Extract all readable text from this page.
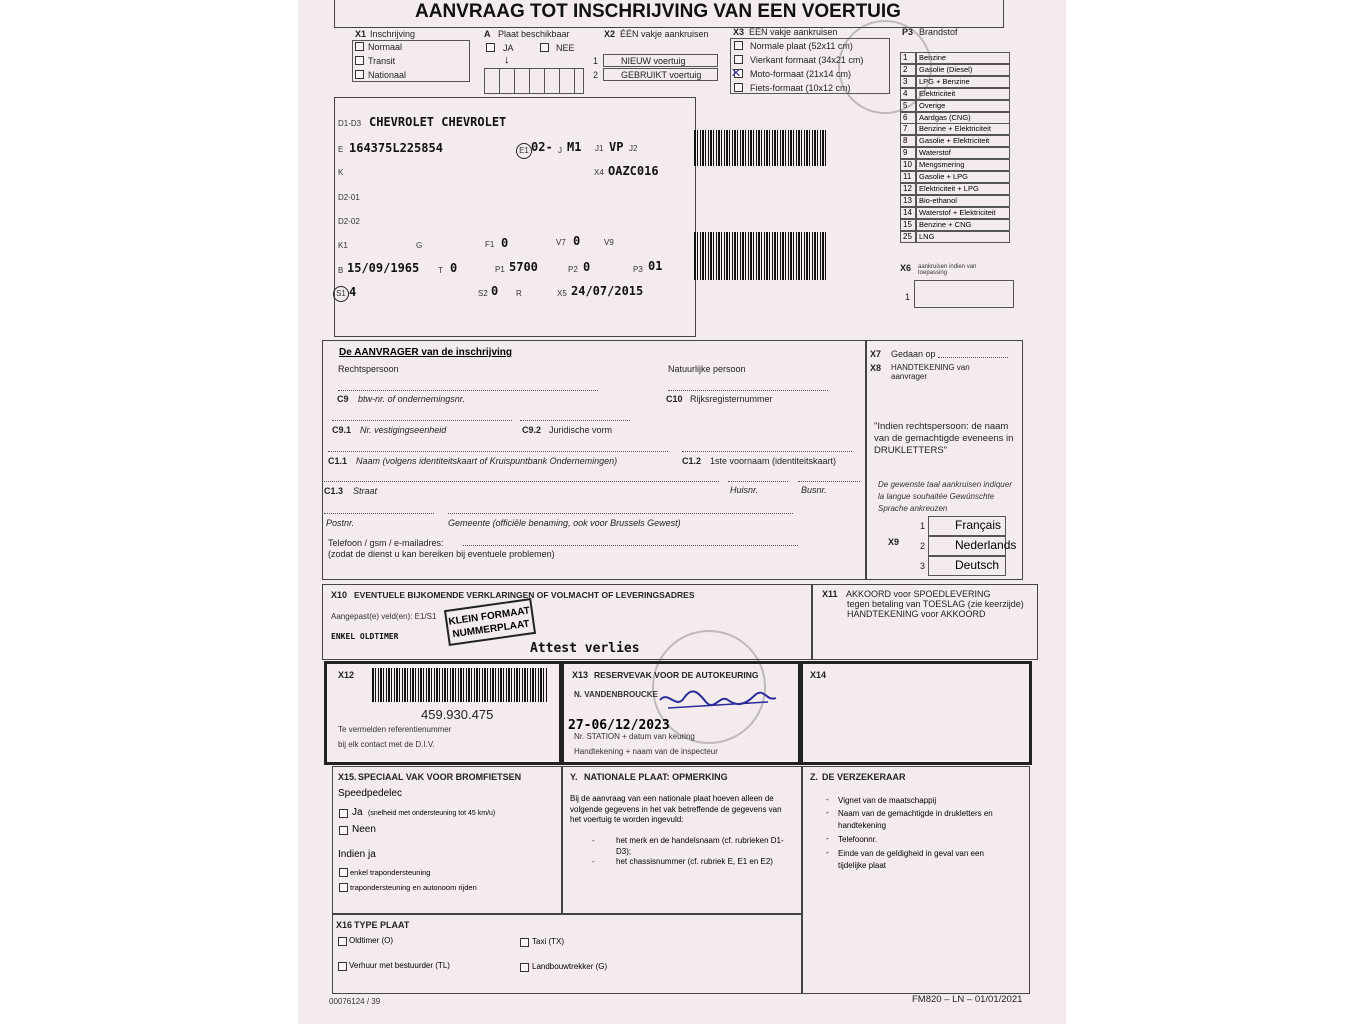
AANVRAAG TOT INSCHRIJVING VAN EEN VOERTUIG
X1 Inschrijving
Normaal
Transit
Nationaal
A Plaat beschikbaar
JA	NEE
↓
X2 ÉÉN vakje aankruisen
1	NIEUW voertuig
2	GEBRUIKT voertuig
X3 ÉÉN vakje aankruisen
Normale plaat (52x11 cm)
Vierkant formaat (34x21 cm)
× Moto-formaat (21x14 cm)
Fiets-formaat (10x12 cm)
P3 Brandstof
1 Benzine
2 Gasolie (Diesel)
3 LPG + Benzine
4 Elektriciteit
5 Overige
6 Aardgas (CNG)
7 Benzine + Elektriciteit
8 Gasolie + Elektriciteit
9 Waterstof
10 Mengsmering
11 Gasolie + LPG
12 Elektriciteit + LPG
13 Bio-ethanol
14 Waterstof + Elektriciteit
15 Benzine + CNG
25 LNG
X6 aankruisen indien van toepassing
1
D1-D3 CHEVROLET CHEVROLET
E 164375L225854	E1 02- J M1 J1 VP J2
K	X4 OAZC016
D2-01
D2-02
K1	G	F1 0	V7 0	V9
B 15/09/1965 T 0	P1 5700	P2 0	P3 01
S1 4	S2 0 R	X5 24/07/2015
De AANVRAGER van de inschrijving
Rechtspersoon	Natuurlijke persoon
C9 btw-nr. of ondernemingsnr.	C10 Rijksregisternummer
C9.1 Nr. vestigingseenheid	C9.2 Juridische vorm
C1.1 Naam (volgens identiteitskaart of Kruispuntbank Ondernemingen)	C1.2 1ste voornaam (identiteitskaart)
C1.3 Straat	Huisnr.	Busnr.
Postnr.	Gemeente (officiële benaming, ook voor Brussels Gewest)
Telefoon / gsm / e-mailadres:
(zodat de dienst u kan bereiken bij eventuele problemen)
X7 Gedaan op
X8 HANDTEKENING van aanvrager
"Indien rechtspersoon: de naam van de gemachtigde eveneens in DRUKLETTERS"
De gewenste taal aankruisen indiquer la langue souhaitée Gewünschte Sprache ankreuzen
X9
1 Français
2 Nederlands
3 Deutsch
X10 EVENTUELE BIJKOMENDE VERKLARINGEN OF VOLMACHT OF LEVERINGSADRES
Aangepast(e) veld(en): E1/S1
ENKEL OLDTIMER
KLEIN FORMAAT NUMMERPLAAT
Attest verlies
X11 AKKOORD voor SPOEDLEVERING
tegen betaling van TOESLAG (zie keerzijde)
HANDTEKENING voor AKKOORD
X12
459.930.475
Te vermelden referentienummer
bij elk contact met de D.I.V.
X13 RESERVEVAK VOOR DE AUTOKEURING
N. VANDENBROUCKE
27-06/12/2023
Nr. STATION + datum van keuring
Handtekening + naam van de inspecteur
X14
X15. SPECIAAL VAK VOOR BROMFIETSEN
Speedpedelec
Ja (snelheid met ondersteuning tot 45 km/u)
Neen
Indien ja
enkel trapondersteuning
trapondersteuning en autonoom rijden
Y. NATIONALE PLAAT: OPMERKING
Bij de aanvraag van een nationale plaat hoeven alleen de volgende gegevens in het vak betreffende de gegevens van het voertuig te worden ingevuld:
-	het merk en de handelsnaam (cf. rubrieken D1-D3);
-	het chassisnummer (cf. rubriek E, E1 en E2)
Z. DE VERZEKERAAR
- Vignet van de maatschappij
- Naam van de gemachtigde in drukletters en handtekening
- Telefoonnr.
- Einde van de geldigheid in geval van een tijdelijke plaat
X16 TYPE PLAAT
Oldtimer (O)	Taxi (TX)
Verhuur met bestuurder (TL)	Landbouwtrekker (G)
00076124 / 39	FM820 – LN – 01/01/2021
